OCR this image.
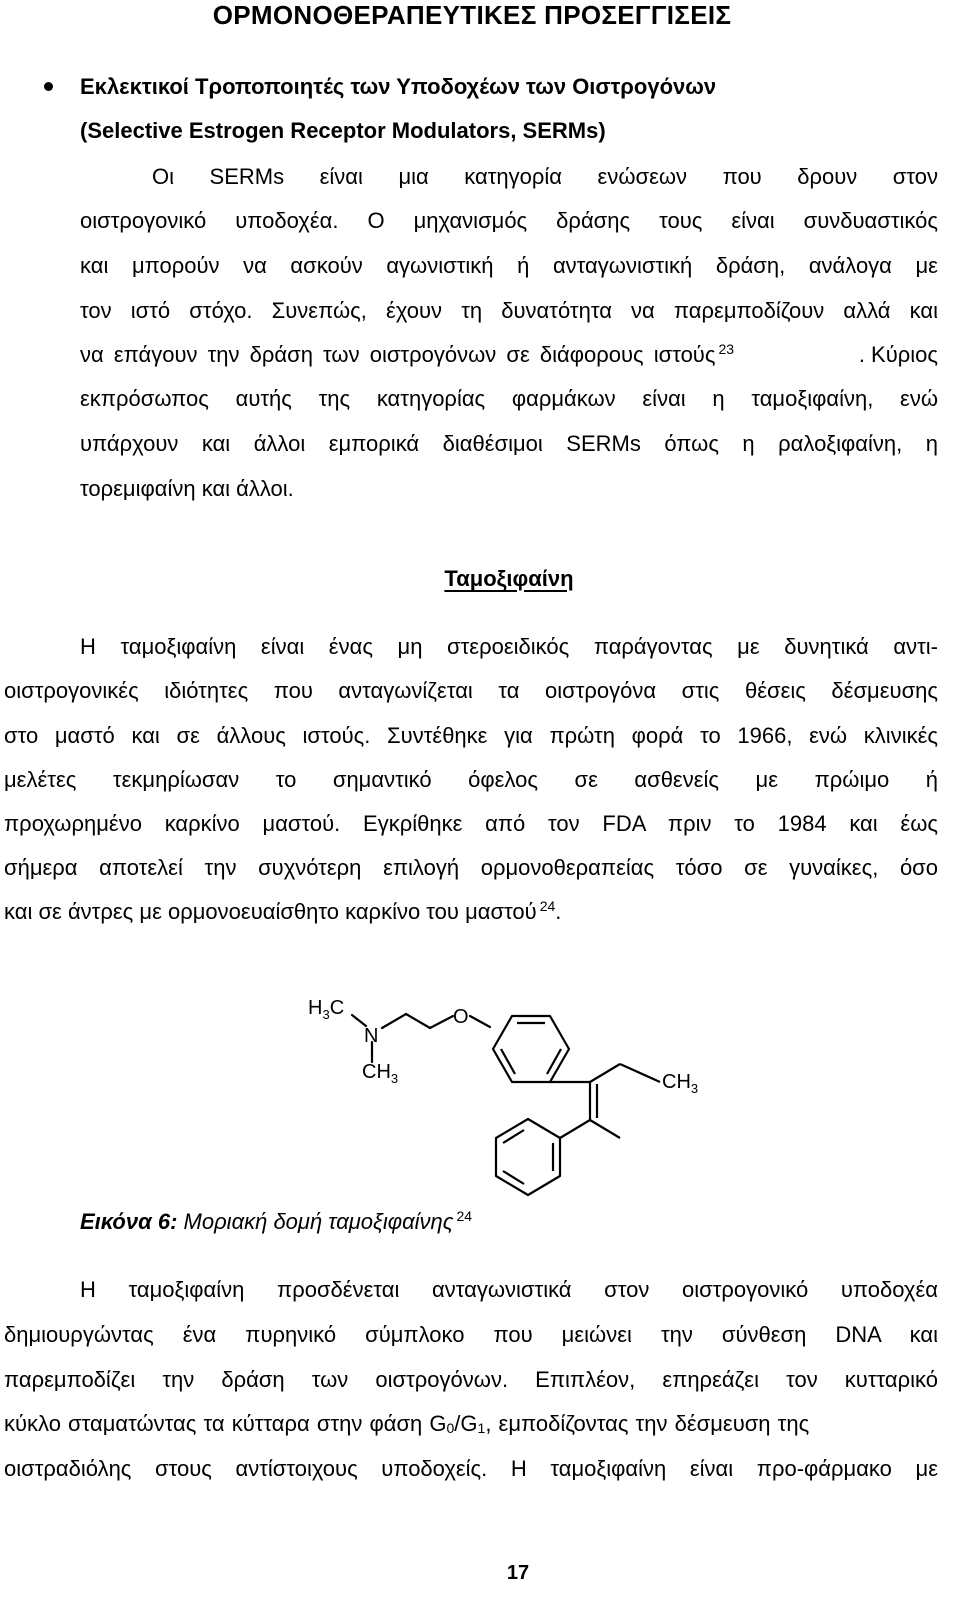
ΟΡΜΟΝΟΘΕΡΑΠΕΥΤΙΚΕΣ ΠΡΟΣΕΓΓΙΣΕΙΣ
Εκλεκτικοί Τροποποιητές των Υποδοχέων των Οιστρογόνων
(Selective Estrogen Receptor Modulators, SERMs)
Οι SERMs είναι μια κατηγορία ενώσεων που δρουν στον
οιστρογονικό υποδοχέα. Ο μηχανισμός δράσης τους είναι συνδυαστικός
και μπορούν να ασκούν αγωνιστική ή ανταγωνιστική δράση, ανάλογα με
τον ιστό στόχο. Συνεπώς, έχουν τη δυνατότητα να παρεμποδίζουν αλλά και
να επάγουν την δράση των οιστρογόνων σε διάφορους ιστούς $^{23}$	. Κύριος
εκπρόσωπος αυτής της κατηγορίας φαρμάκων είναι η ταμοξιφαίνη, ενώ
υπάρχουν και άλλοι εμπορικά διαθέσιμοι SERMs όπως η ραλοξιφαίνη, η
τορεμιφαίνη και άλλοι.
Ταμοξιφαίνη
Η ταμοξιφαίνη είναι ένας μη στεροειδικός παράγοντας με δυνητικά αντι-
οιστρογονικές ιδιότητες που ανταγωνίζεται τα οιστρογόνα στις θέσεις δέσμευσης
στο μαστό και σε άλλους ιστούς. Συντέθηκε για πρώτη φορά το 1966, ενώ κλινικές
μελέτες τεκμηρίωσαν το σημαντικό όφελος σε ασθενείς με πρώιμο ή
προχωρημένο καρκίνο μαστού. Εγκρίθηκε από τον FDA πριν το 1984 και έως
σήμερα αποτελεί την συχνότερη επιλογή ορμονοθεραπείας τόσο σε γυναίκες, όσο
και σε άντρες με ορμονοευαίσθητο καρκίνο του μαστού $^{24}$.
$H_3C$
N
O
$CH_3$	$CH_3$
Εικόνα 6: Μοριακή δομή ταμοξιφαίνης $^{24}$
Η ταμοξιφαίνη προσδένεται ανταγωνιστικά στον οιστρογονικό υποδοχέα
δημιουργώντας ένα πυρηνικό σύμπλοκο που μειώνει την σύνθεση DNA και
παρεμποδίζει την δράση των οιστρογόνων. Επιπλέον, επηρεάζει τον κυτταρικό
κύκλο σταματώντας τα κύτταρα στην φάση G0/G1, εμποδίζοντας την δέσμευση της
οιστραδιόλης στους αντίστοιχους υποδοχείς. Η ταμοξιφαίνη είναι προ-φάρμακο με
17
